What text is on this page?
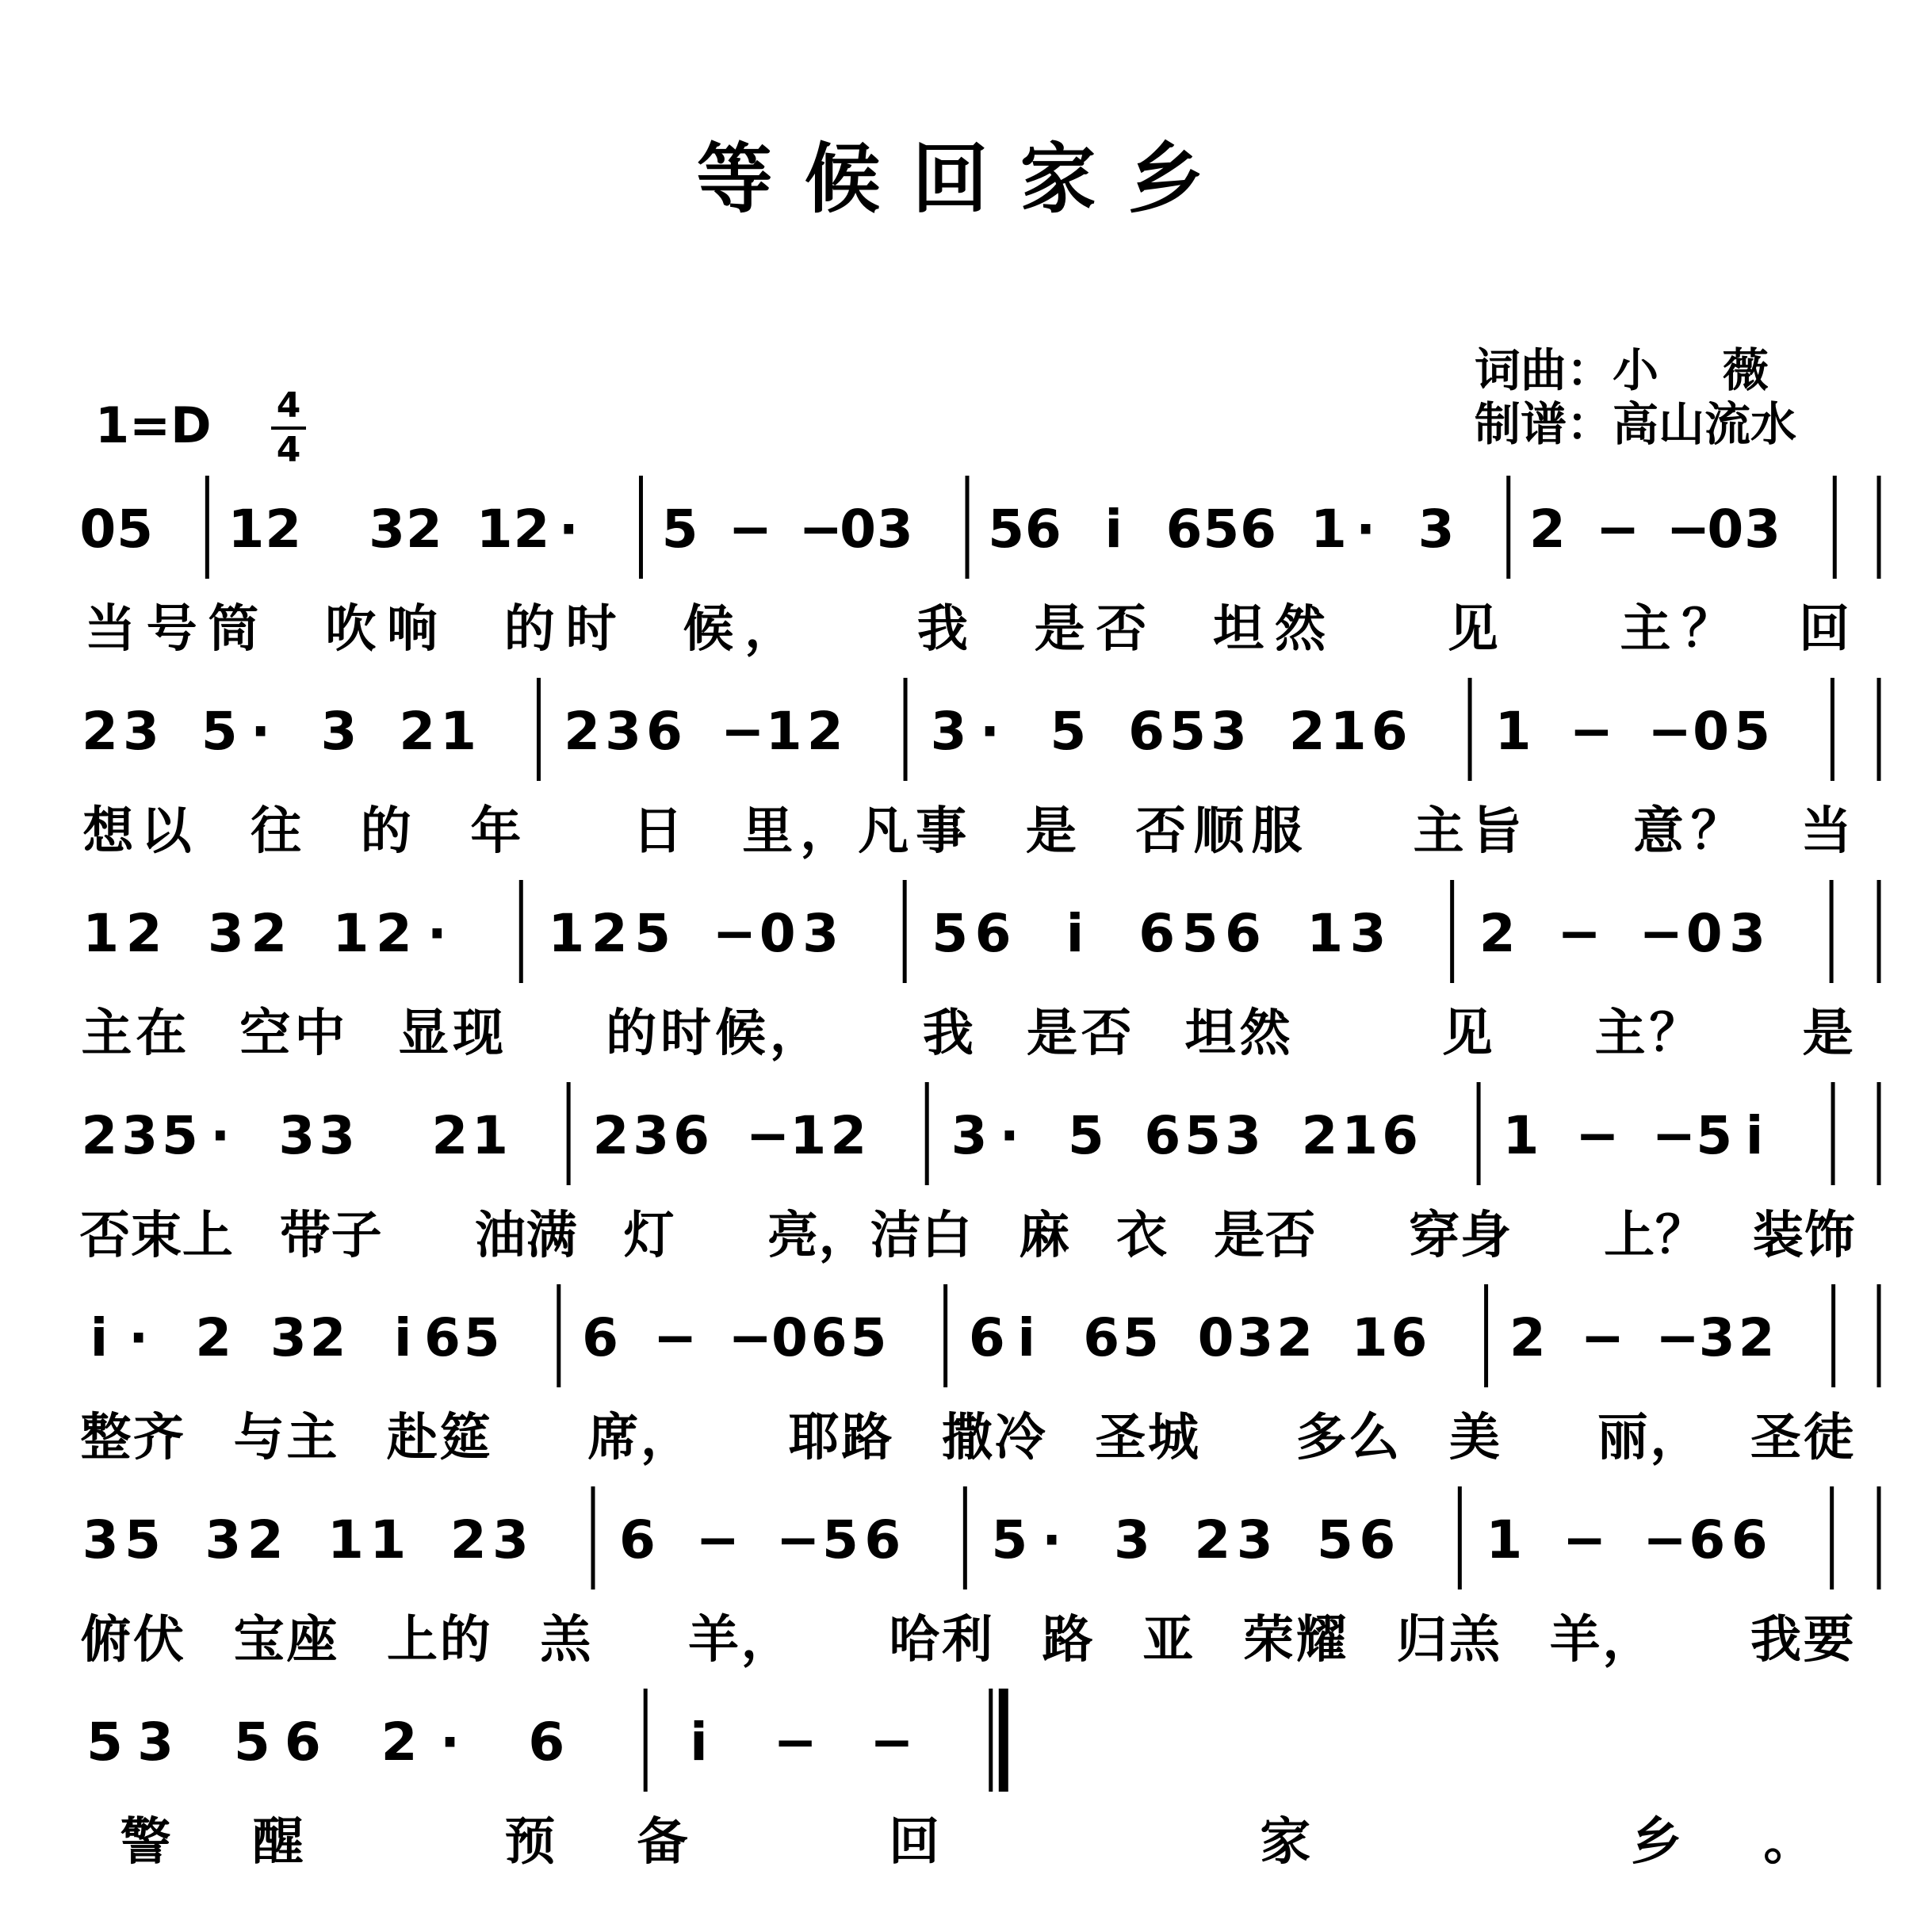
等候回家乡
词曲：小    薇
制谱：高山流水
1=D 4
4
0 5 1 2 3 2 1 2 · 5 − −
0 3 5 6 i 6 5 6 1 · 3 2 − −
0 3
当 号 筒 吹 响 的 时 候 ， 我 是 否 坦 然 见 主 ？ 回
2 3 5 · 3 2 1 2 3 6 − 1 2 3 · 5 6 5 3 2 1 6 1 − − 0 5
想 以 往 的 年 日 里 ， 凡 事 是 否 顺 服 主 旨 意 ？ 当
1 2 3 2 1 2 · 1 2 5 − 0 3 5 6 i 6 5 6 1 3 2 − − 0 3
主 在 空 中 显 现 的 时 候 ， 我 是 否 坦 然	见 主 ？ 是
2 3 5 · 3 3 2 1 2 3 6 − 1 2 3 · 5 6 5 3 2 1 6 1 − − 5 i
否 束 上 带 子 油 满 灯 亮 ， 洁 白 麻 衣 是 否 穿 身 上 ？ 装 饰
i · 2 3 2 i 6 5 6 − − 0 6 5 6 i 6 5 0 3 2 1 6 2 − − 3 2
整 齐 与 主 赴 筵 席 ， 耶 路 撒 冷 圣 城 多 么 美 丽 ， 圣 徒
3 5 3 2 1 1 2 3 6 − − 5 6 5 · 3 2 3 5 6 1 − − 6 6
俯 伏 宝 座 上 的 羔 羊 ， 哈 利 路 亚 荣 耀 归 羔 羊 ， 我 要
5 3 5 6 2 · 6 i − −
警 醒	预 备	回	家	乡 。
